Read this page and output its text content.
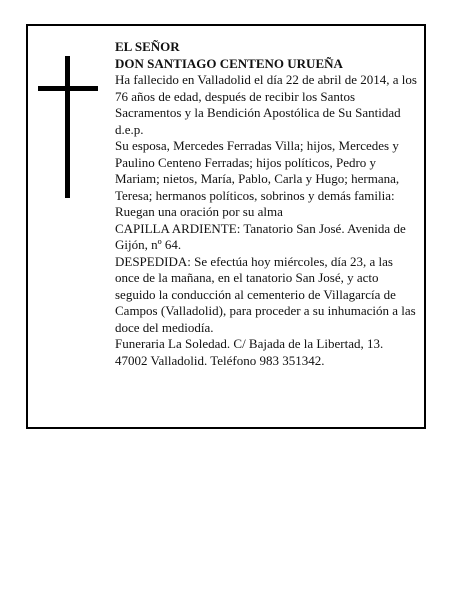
EL SEÑOR
DON SANTIAGO CENTENO URUEÑA

Ha fallecido en Valladolid el día 22 de abril de 2014, a los 76 años de edad, después de recibir los Santos Sacramentos y la Bendición Apostólica de Su Santidad d.e.p.

Su esposa, Mercedes Ferradas Villa; hijos, Mercedes y Paulino Centeno Ferradas; hijos políticos, Pedro y Mariam; nietos, María, Pablo, Carla y Hugo; hermana, Teresa; hermanos políticos, sobrinos y demás familia:

Ruegan una oración por su alma

CAPILLA ARDIENTE: Tanatorio San José. Avenida de Gijón, nº 64.

DESPEDIDA: Se efectúa hoy miércoles, día 23, a las once de la mañana, en el tanatorio San José, y acto seguido la conducción al cementerio de Villagarcía de Campos (Valladolid), para proceder a su inhumación a las doce del mediodía.

Funeraria La Soledad. C/ Bajada de la Libertad, 13. 47002 Valladolid. Teléfono 983 351342.
